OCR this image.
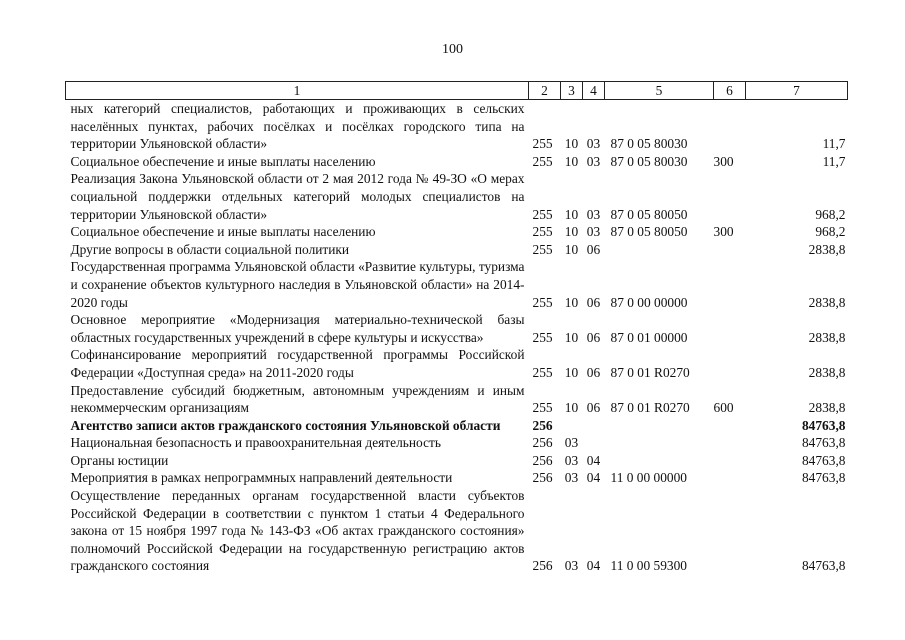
100
1	2	3	4	5	6	7
ных категорий специалистов, работающих и проживающих в сельских населённых пунктах, рабочих посёлках и посёлках городского типа на территории Ульяновской области»	255	10	03	87 0 05 80030		11,7
Социальное обеспечение и иные выплаты населению	255	10	03	87 0 05 80030	300	11,7
Реализация Закона Ульяновской области от 2 мая 2012 года № 49-ЗО «О мерах социальной поддержки отдельных категорий молодых специалистов на территории Ульяновской области»	255	10	03	87 0 05 80050		968,2
Социальное обеспечение и иные выплаты населению	255	10	03	87 0 05 80050	300	968,2
Другие вопросы в области социальной политики	255	10	06			2838,8
Государственная программа Ульяновской области «Развитие культуры, туризма и сохранение объектов культурного наследия в Ульяновской области» на 2014-2020 годы	255	10	06	87 0 00 00000		2838,8
Основное мероприятие «Модернизация материально-технической базы областных государственных учреждений в сфере культуры и искусства»	255	10	06	87 0 01 00000		2838,8
Софинансирование мероприятий государственной программы Российской Федерации «Доступная среда» на 2011-2020 годы	255	10	06	87 0 01 R0270		2838,8
Предоставление субсидий бюджетным, автономным учреждениям и иным некоммерческим организациям	255	10	06	87 0 01 R0270	600	2838,8
Агентство записи актов гражданского состояния Ульяновской области	256					84763,8
Национальная безопасность и правоохранительная деятельность	256	03				84763,8
Органы юстиции	256	03	04			84763,8
Мероприятия в рамках непрограммных направлений деятельности	256	03	04	11 0 00 00000		84763,8
Осуществление переданных органам государственной власти субъектов Российской Федерации в соответствии с пунктом 1 статьи 4 Федерального закона от 15 ноября 1997 года № 143-ФЗ «Об актах гражданского состояния» полномочий Российской Федерации на государственную регистрацию актов гражданского состояния	256	03	04	11 0 00 59300		84763,8
